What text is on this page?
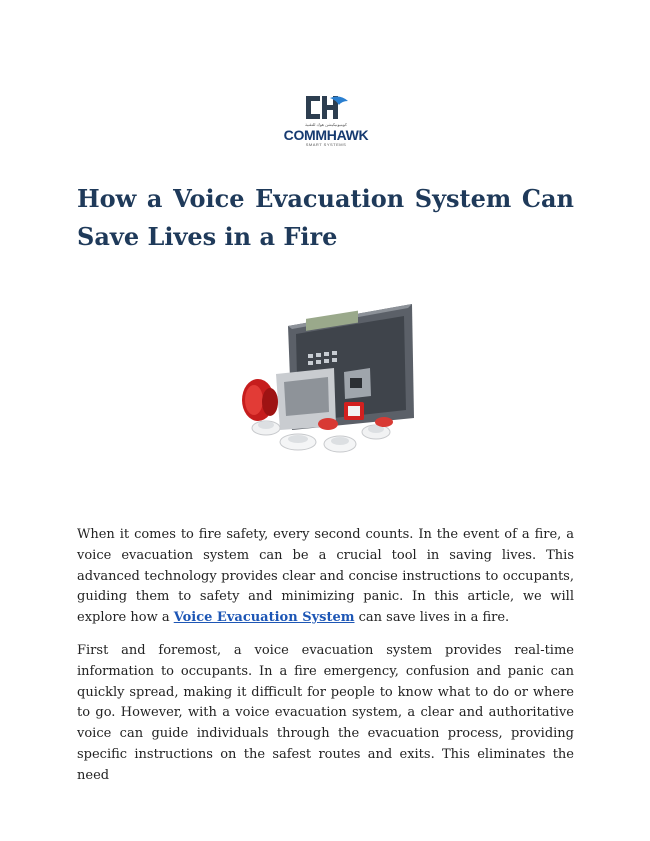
كوميونيكيشن هوك للتقنية
COMMHAWK
SMART SYSTEMS
How a Voice Evacuation System Can Save Lives in a Fire

When it comes to fire safety, every second counts. In the event of a fire, a voice evacuation system can be a crucial tool in saving lives. This advanced technology provides clear and concise instructions to occupants, guiding them to safety and minimizing panic. In this article, we will explore how a Voice Evacuation System can save lives in a fire.

First and foremost, a voice evacuation system provides real-time information to occupants. In a fire emergency, confusion and panic can quickly spread, making it difficult for people to know what to do or where to go. However, with a voice evacuation system, a clear and authoritative voice can guide individuals through the evacuation process, providing specific instructions on the safest routes and exits. This eliminates the need
